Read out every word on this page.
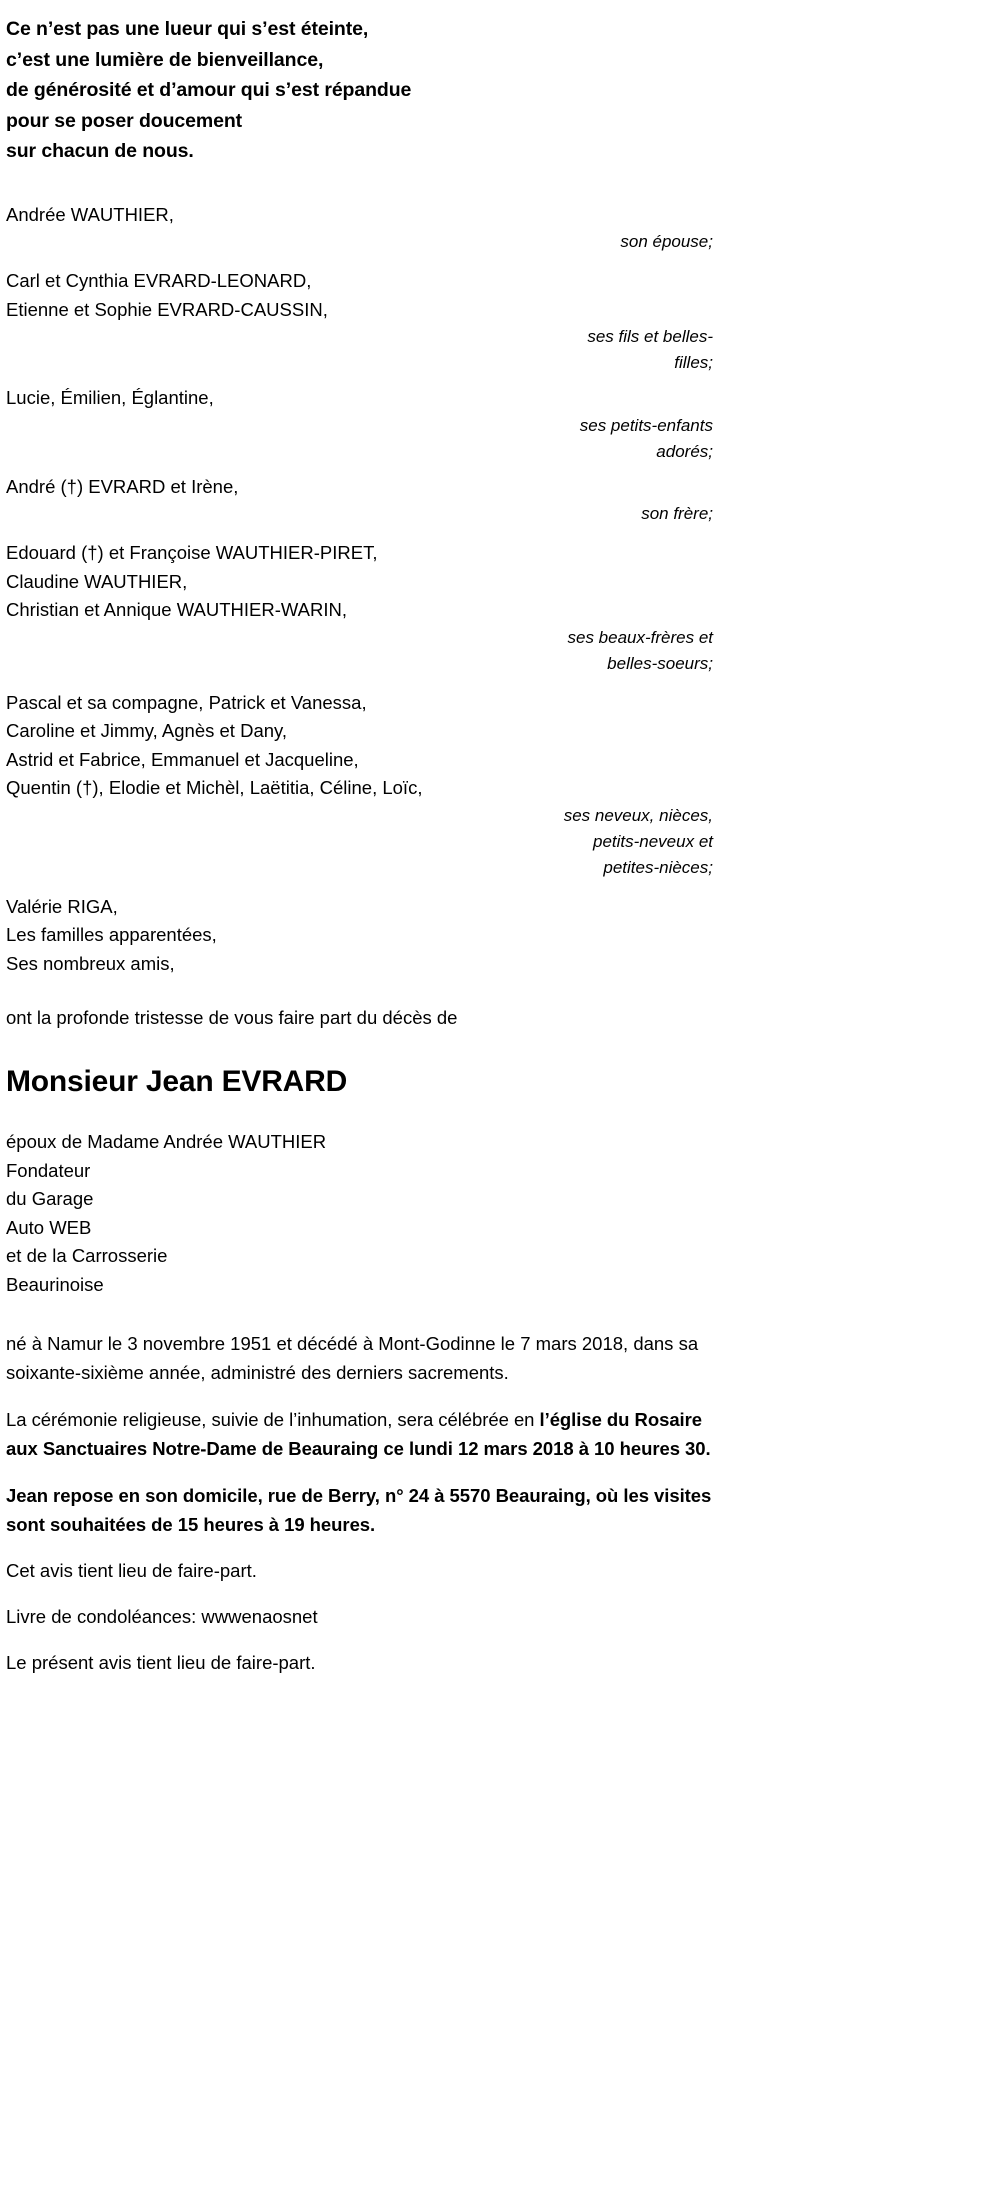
Ce n’est pas une lueur qui s’est éteinte,
c’est une lumière de bienveillance,
de générosité et d’amour qui s’est répandue
pour se poser doucement
sur chacun de nous.
Andrée WAUTHIER,
son épouse;
Carl et Cynthia EVRARD-LEONARD,
Etienne et Sophie EVRARD-CAUSSIN,
ses fils et belles-
filles;
Lucie, Émilien, Églantine,
ses petits-enfants
adorés;
André (†) EVRARD et Irène,
son frère;
Edouard (†) et Françoise WAUTHIER-PIRET,
Claudine WAUTHIER,
Christian et Annique WAUTHIER-WARIN,
ses beaux-frères et
belles-soeurs;
Pascal et sa compagne, Patrick et Vanessa,
Caroline et Jimmy, Agnès et Dany,
Astrid et Fabrice, Emmanuel et Jacqueline,
Quentin (†), Elodie et Michèl, Laëtitia, Céline, Loïc,
ses neveux, nièces,
petits-neveux et
petites-nièces;
Valérie RIGA,
Les familles apparentées,
Ses nombreux amis,
ont la profonde tristesse de vous faire part du décès de
Monsieur Jean EVRARD
époux de Madame Andrée WAUTHIER
Fondateur
du Garage
Auto WEB
et de la Carrosserie
Beaurinoise
né à Namur le 3 novembre 1951 et décédé à Mont-Godinne le 7 mars 2018, dans sa soixante-sixième année, administré des derniers sacrements.
La cérémonie religieuse, suivie de l’inhumation, sera célébrée en l’église du Rosaire aux Sanctuaires Notre-Dame de Beauraing ce lundi 12 mars 2018 à 10 heures 30.
Jean repose en son domicile, rue de Berry, n° 24 à 5570 Beauraing, où les visites sont souhaitées de 15 heures à 19 heures.
Cet avis tient lieu de faire-part.
Livre de condoléances: wwwenaosnet
Le présent avis tient lieu de faire-part.
